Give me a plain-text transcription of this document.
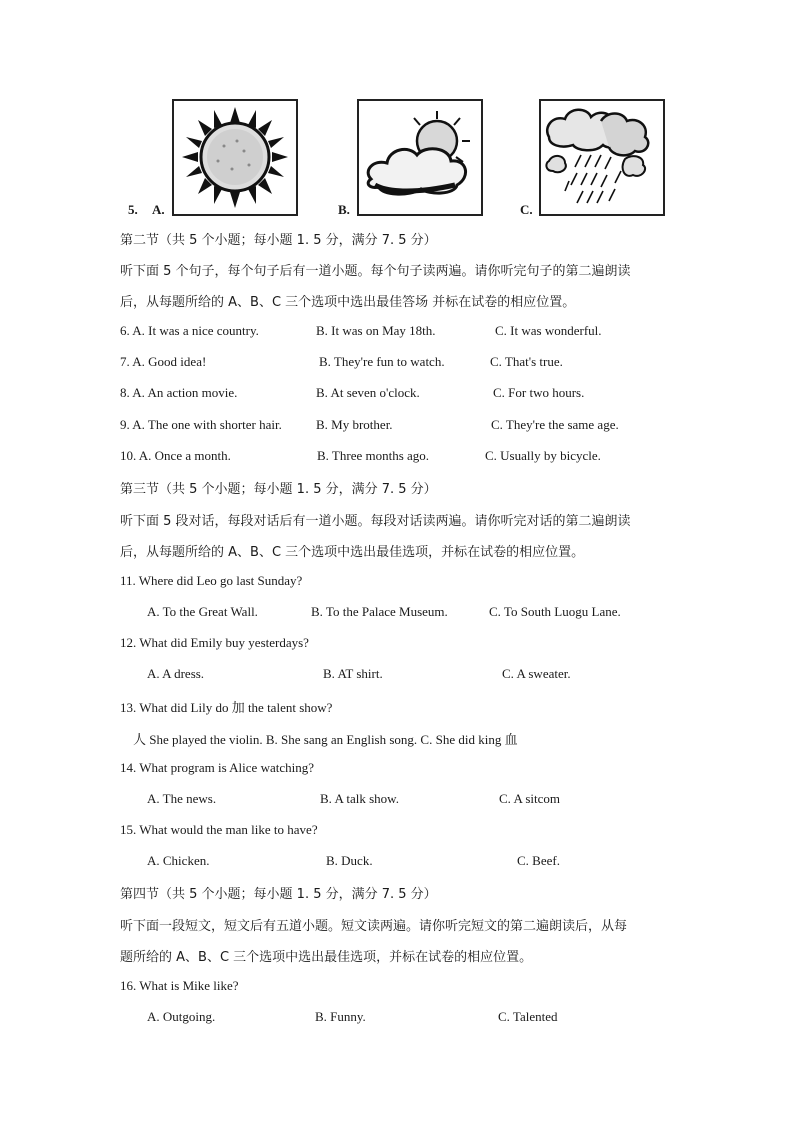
5. A.	B.	C.
第二节（共 5 个小题；每小题 1. 5 分，满分 7. 5 分）
听下面 5 个句子，每个句子后有一道小题。每个句子读两遍。请你听完句子的第二遍朗读
后，从每题所给的 A、B、C 三个选项中选出最佳答场 并标在试卷的相应位置。
6. A. It was a nice country.	B. It was on May 18th.	C. It was wonderful.
7. A. Good idea!	B. They're fun to watch.	C. That's true.
8. A. An action movie.	B. At seven o'clock.	C. For two hours.
9. A. The one with shorter hair.	B. My brother.	C. They're the same age.
10. A. Once a month.	B. Three months ago.	C. Usually by bicycle.
第三节（共 5 个小题；每小题 1. 5 分，满分 7. 5 分）
听下面 5 段对话，每段对话后有一道小题。每段对话读两遍。请你听完对话的第二遍朗读
后，从每题所给的 A、B、C 三个选项中选出最佳选项，并标在试卷的相应位置。
11. Where did Leo go last Sunday?
A. To the Great Wall.	B. To the Palace Museum.	C. To South Luogu Lane.
12. What did Emily buy yesterdays?
A. A dress.	B. AT shirt.	C. A sweater.
13. What did Lily do 加 the talent show?
人 She played the violin. B. She sang an English song. C. She did king 血
14. What program is Alice watching?
A. The news.	B. A talk show.	C. A sitcom
15. What would the man like to have?
A. Chicken.	B. Duck.	C. Beef.
第四节（共 5 个小题；每小题 1. 5 分，满分 7. 5 分）
听下面一段短文，短文后有五道小题。短文读两遍。请你听完短文的第二遍朗读后，从每
题所给的 A、B、C 三个选项中选出最佳选项，并标在试卷的相应位置。
16. What is Mike like?
A. Outgoing.	B. Funny.	C. Talented
